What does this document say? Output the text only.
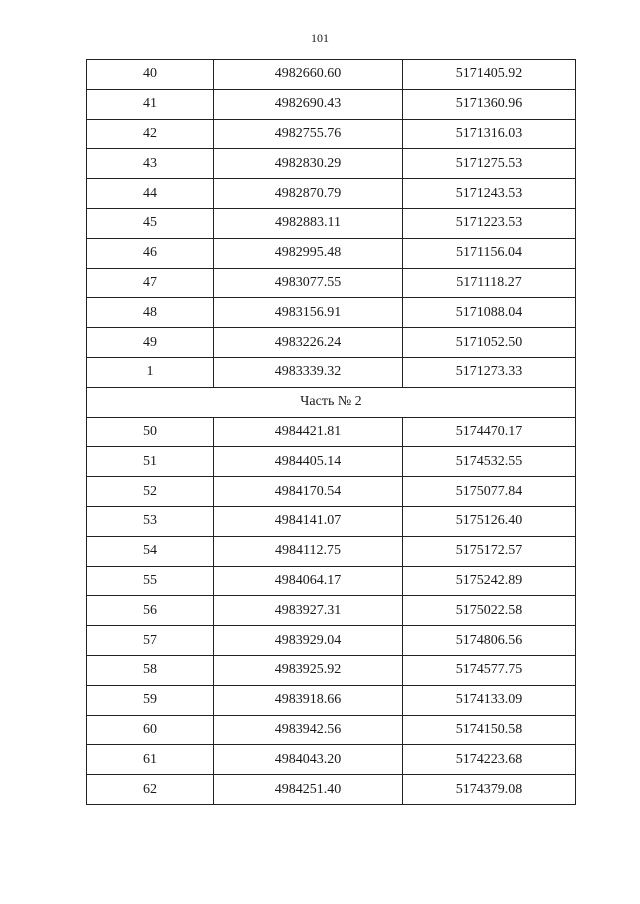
101
40	4982660.60	5171405.92
41	4982690.43	5171360.96
42	4982755.76	5171316.03
43	4982830.29	5171275.53
44	4982870.79	5171243.53
45	4982883.11	5171223.53
46	4982995.48	5171156.04
47	4983077.55	5171118.27
48	4983156.91	5171088.04
49	4983226.24	5171052.50
1	4983339.32	5171273.33
Часть № 2		
50	4984421.81	5174470.17
51	4984405.14	5174532.55
52	4984170.54	5175077.84
53	4984141.07	5175126.40
54	4984112.75	5175172.57
55	4984064.17	5175242.89
56	4983927.31	5175022.58
57	4983929.04	5174806.56
58	4983925.92	5174577.75
59	4983918.66	5174133.09
60	4983942.56	5174150.58
61	4984043.20	5174223.68
62	4984251.40	5174379.08
